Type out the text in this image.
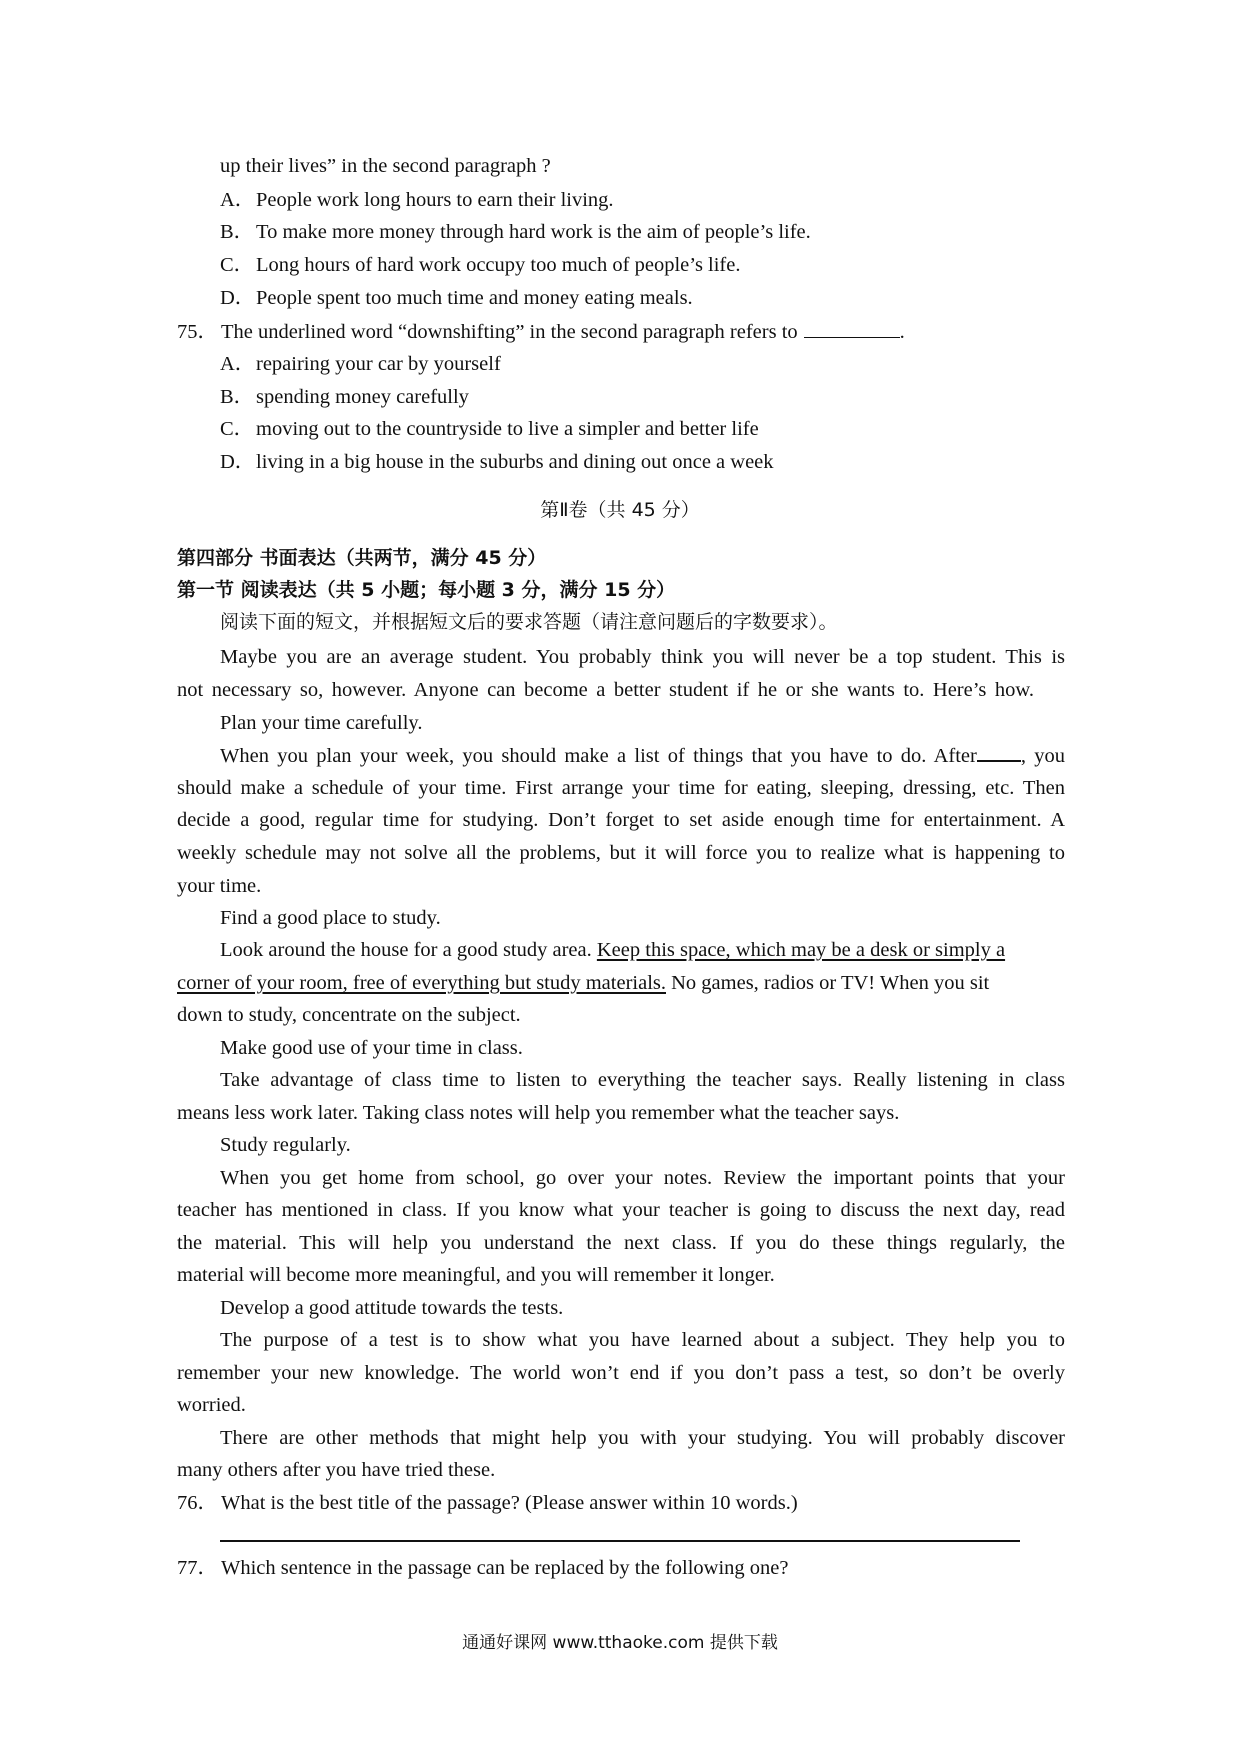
up their lives” in the second paragraph ?
A．People work long hours to earn their living.
B．To make more money through hard work is the aim of people’s life.
C．Long hours of hard work occupy too much of people’s life.
D．People spent too much time and money eating meals.
75． The underlined word “downshifting” in the second paragraph refers to	.
A．repairing your car by yourself
B．spending money carefully
C．moving out to the countryside to live a simpler and better life
D．living in a big house in the suburbs and dining out once a week
第Ⅱ卷（共 45 分）
第四部分 书面表达（共两节，满分 45 分）
第一节 阅读表达（共 5 小题；每小题 3 分，满分 15 分）
阅读下面的短文，并根据短文后的要求答题（请注意问题后的字数要求）。
Maybe you are an average student. You probably think you will never be a top student. This is
not necessary so, however. Anyone can become a better student if he or she wants to. Here’s how.
Plan your time carefully.
When you plan your week, you should make a list of things that you have to do. After , you
should make a schedule of your time. First arrange your time for eating, sleeping, dressing, etc. Then
decide a good, regular time for studying. Don’t forget to set aside enough time for entertainment. A
weekly schedule may not solve all the problems, but it will force you to realize what is happening to
your time.
Find a good place to study.
Look around the house for a good study area. Keep this space, which may be a desk or simply a
corner of your room, free of everything but study materials. No games, radios or TV! When you sit
down to study, concentrate on the subject.
Make good use of your time in class.
Take advantage of class time to listen to everything the teacher says. Really listening in class
means less work later. Taking class notes will help you remember what the teacher says.
Study regularly.
When you get home from school, go over your notes. Review the important points that your
teacher has mentioned in class. If you know what your teacher is going to discuss the next day, read
the material. This will help you understand the next class. If you do these things regularly, the
material will become more meaningful, and you will remember it longer.
Develop a good attitude towards the tests.
The purpose of a test is to show what you have learned about a subject. They help you to
remember your new knowledge. The world won’t end if you don’t pass a test, so don’t be overly
worried.
There are other methods that might help you with your studying. You will probably discover
many others after you have tried these.
76． What is the best title of the passage? (Please answer within 10 words.)
77． Which sentence in the passage can be replaced by the following one?
通通好课网 www.tthaoke.com 提供下载
